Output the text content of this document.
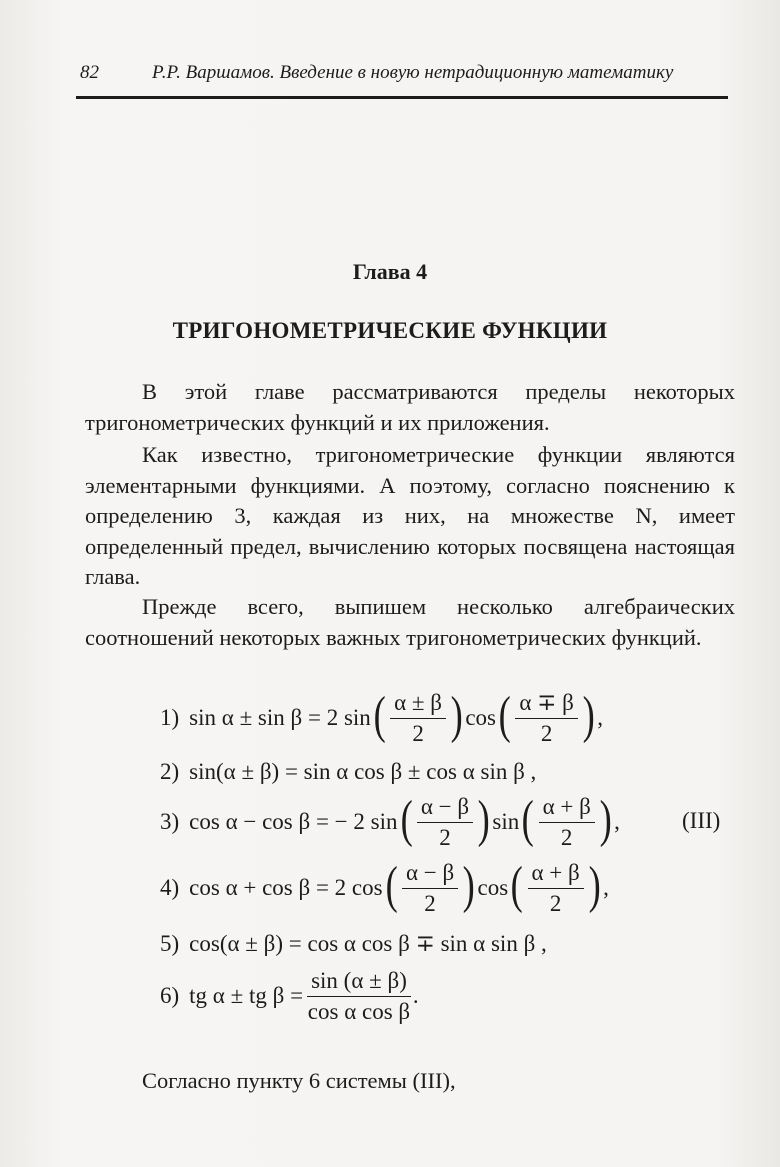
82	Р.Р. Варшамов. Введение в новую нетрадиционную математику
Глава 4
ТРИГОНОМЕТРИЧЕСКИЕ ФУНКЦИИ

В этой главе рассматриваются пределы некоторых тригонометрических функций и их приложения.

Как известно, тригонометрические функции являются элементарными функциями. А поэтому, согласно пояснению к определению 3, каждая из них, на множестве N, имеет определенный предел, вычислению которых посвящена настоящая глава.

Прежде всего, выпишем несколько алгебраических соотношений некоторых важных тригонометрических функций.

1) sin α ± sin β = 2 sin ( $\frac{\alpha \pm \beta}{2}$ ) cos ( $\frac{\alpha \mp \beta}{2}$ ) ,
2) sin(α ± β) = sin α cos β ± cos α sin β ,
3) cos α − cos β = − 2 sin ( $\frac{\alpha - \beta}{2}$ ) sin ( $\frac{\alpha + \beta}{2}$ ) ,	(III)
4) cos α + cos β = 2 cos ( $\frac{\alpha - \beta}{2}$ ) cos ( $\frac{\alpha + \beta}{2}$ ) ,
5) cos(α ± β) = cos α cos β ∓ sin α sin β ,
6) tg α ± tg $\beta = \frac{\sin (\alpha \pm \beta)}{\text{cos α cos β}}$ .

Согласно пункту 6 системы (III),
